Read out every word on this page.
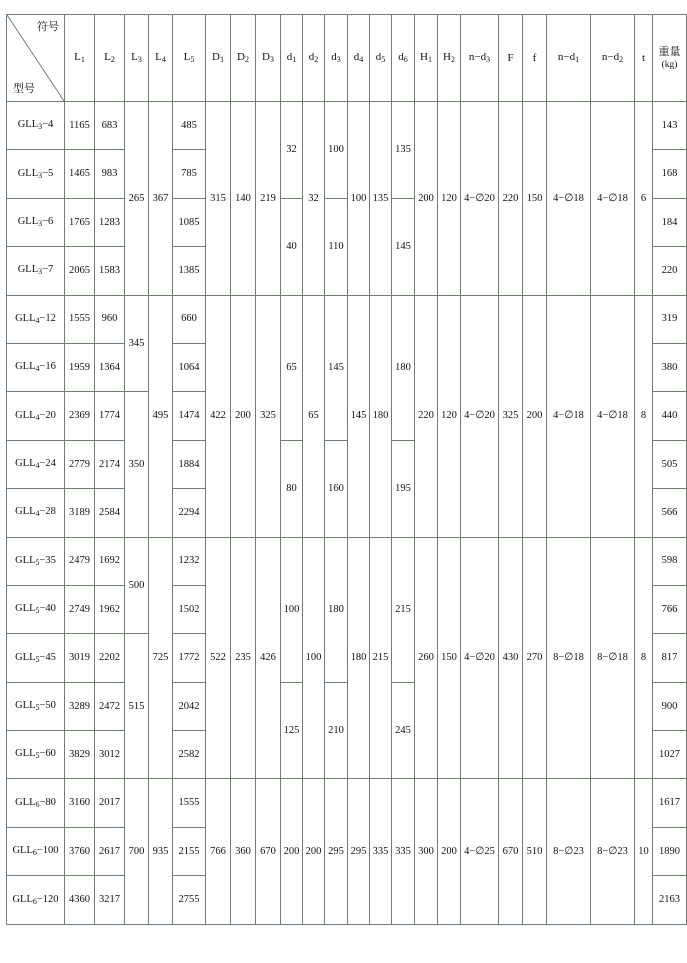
符号
型号	$L_1$	$L_2$	$L_3$	$L_4$	$L_5$	$D_1$	$D_2$	$D_3$	$d_1$	$d_2$	$d_3$	$d_4$	$d_5$	$d_6$	$H_1$	$H_2$	$n-d_3$	F	f	$n-d_1$	$n-d_2$	t	重量
(kg)
$GLL_3-4$	1165	683	265	367	485	315	140	219	32	32	100	100	135	135	200	120	4−∅20	220	150	4−∅18	4−∅18	6	143
$GLL_3-5$	1465	983			785																		168
$GLL_3-6$	1765	1283			1085				40		110			145									184
$GLL_3-7$	2065	1583			1385																		220
$GLL_4-12$	1555	960	345	495	660	422	200	325	65	65	145	145	180	180	220	120	4−∅20	325	200	4−∅18	4−∅18	8	319
$GLL_4-16$	1959	1364			1064																		380
$GLL_4-20$	2369	1774	350		1474																		440
$GLL_4-24$	2779	2174			1884				80		160			195									505
$GLL_4-28$	3189	2584			2294																		566
$GLL_5-35$	2479	1692	500	725	1232	522	235	426	100	100	180	180	215	215	260	150	4−∅20	430	270	8−∅18	8−∅18	8	598
$GLL_5-40$	2749	1962			1502																		766
$GLL_5-45$	3019	2202	515		1772																		817
$GLL_5-50$	3289	2472			2042				125		210			245									900
$GLL_5-60$	3829	3012			2582																		1027
$GLL_6-80$	3160	2017	700	935	1555	766	360	670	200	200	295	295	335	335	300	200	4−∅25	670	510	8−∅23	8−∅23	10	1617
$GLL_6-100$	3760	2617			2155																		1890
$GLL_6-120$	4360	3217			2755																		2163
